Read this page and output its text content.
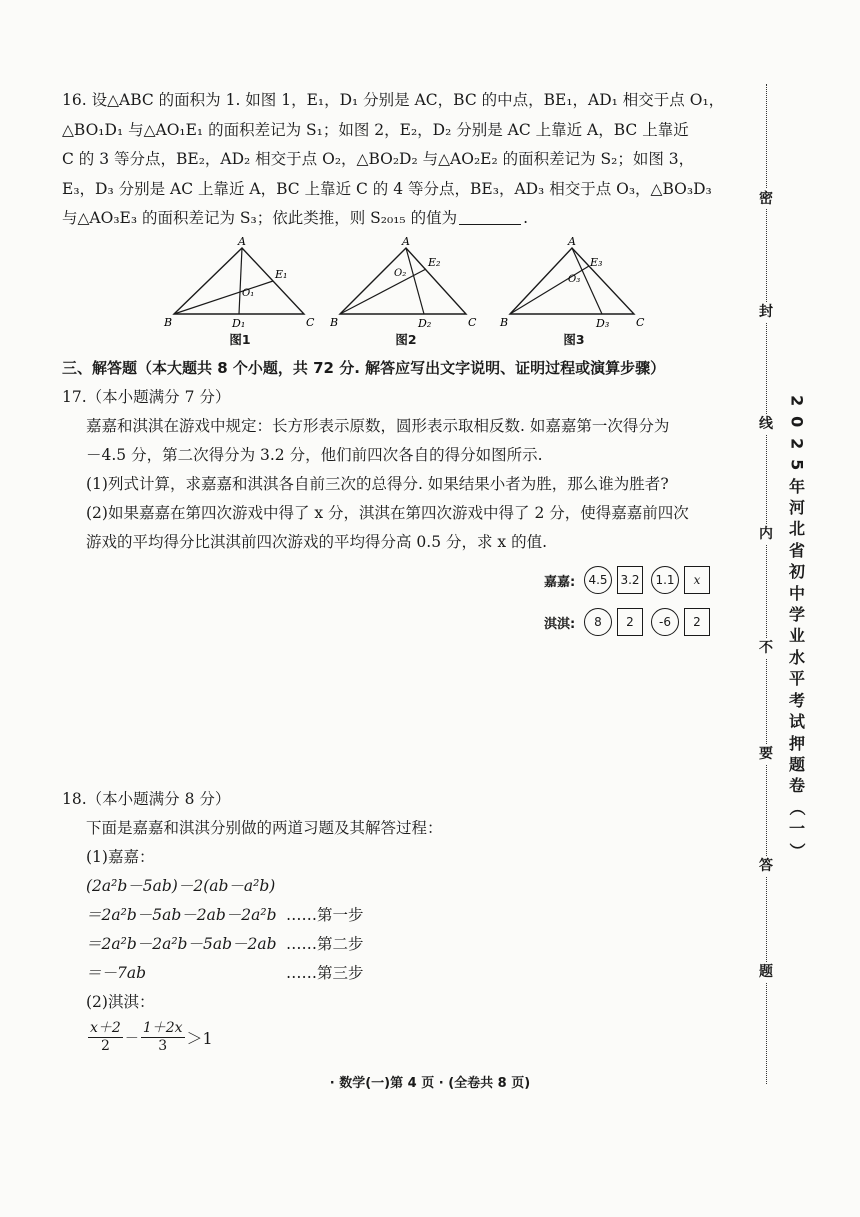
16. 设△ABC 的面积为 1. 如图 1，E₁，D₁ 分别是 AC，BC 的中点，BE₁，AD₁ 相交于点 O₁，

△BO₁D₁ 与△AO₁E₁ 的面积差记为 S₁；如图 2，E₂，D₂ 分别是 AC 上靠近 A，BC 上靠近

C 的 3 等分点，BE₂，AD₂ 相交于点 O₂，△BO₂D₂ 与△AO₂E₂ 的面积差记为 S₂；如图 3，

E₃，D₃ 分别是 AC 上靠近 A，BC 上靠近 C 的 4 等分点，BE₃，AD₃ 相交于点 O₃，△BO₃D₃

与△AO₃E₃ 的面积差记为 S₃；依此类推，则 S₂₀₁₅ 的值为	.

A
B	C
D₁
E₁
O₁
图1
A
B	C
D₂
E₂
O₂
图2
A
B	C
D₃
E₃
O₃
图3
三、解答题（本大题共 8 个小题，共 72 分. 解答应写出文字说明、证明过程或演算步骤）

17.（本小题满分 7 分）

嘉嘉和淇淇在游戏中规定：长方形表示原数，圆形表示取相反数. 如嘉嘉第一次得分为

－4.5 分，第二次得分为 3.2 分，他们前四次各自的得分如图所示.

(1)列式计算，求嘉嘉和淇淇各自前三次的总得分. 如果结果小者为胜，那么谁为胜者?

(2)如果嘉嘉在第四次游戏中得了 x 分，淇淇在第四次游戏中得了 2 分，使得嘉嘉前四次

游戏的平均得分比淇淇前四次游戏的平均得分高 0.5 分，求 x 的值.

嘉嘉:	4.5	3.2	1.1	x
淇淇:	8	2	-6	2

18.（本小题满分 8 分）

下面是嘉嘉和淇淇分别做的两道习题及其解答过程：

(1)嘉嘉：

(2a²b－5ab)－2(ab－a²b)

＝2a²b－5ab－2ab－2a²b ……第一步
＝2a²b－2a²b－5ab－2ab ……第二步
＝－7ab	……第三步

(2)淇淇：

$\frac{x+2}{2} - \frac{1+2x}{3} >1$
· 数学(一)第 4 页 · (全卷共 8 页)
密
封
线
内
不
要
答
题
2
0
2
5
年
河
北
省
初
中
学
业
水
平
考
试
押
题
卷
（
一
）
